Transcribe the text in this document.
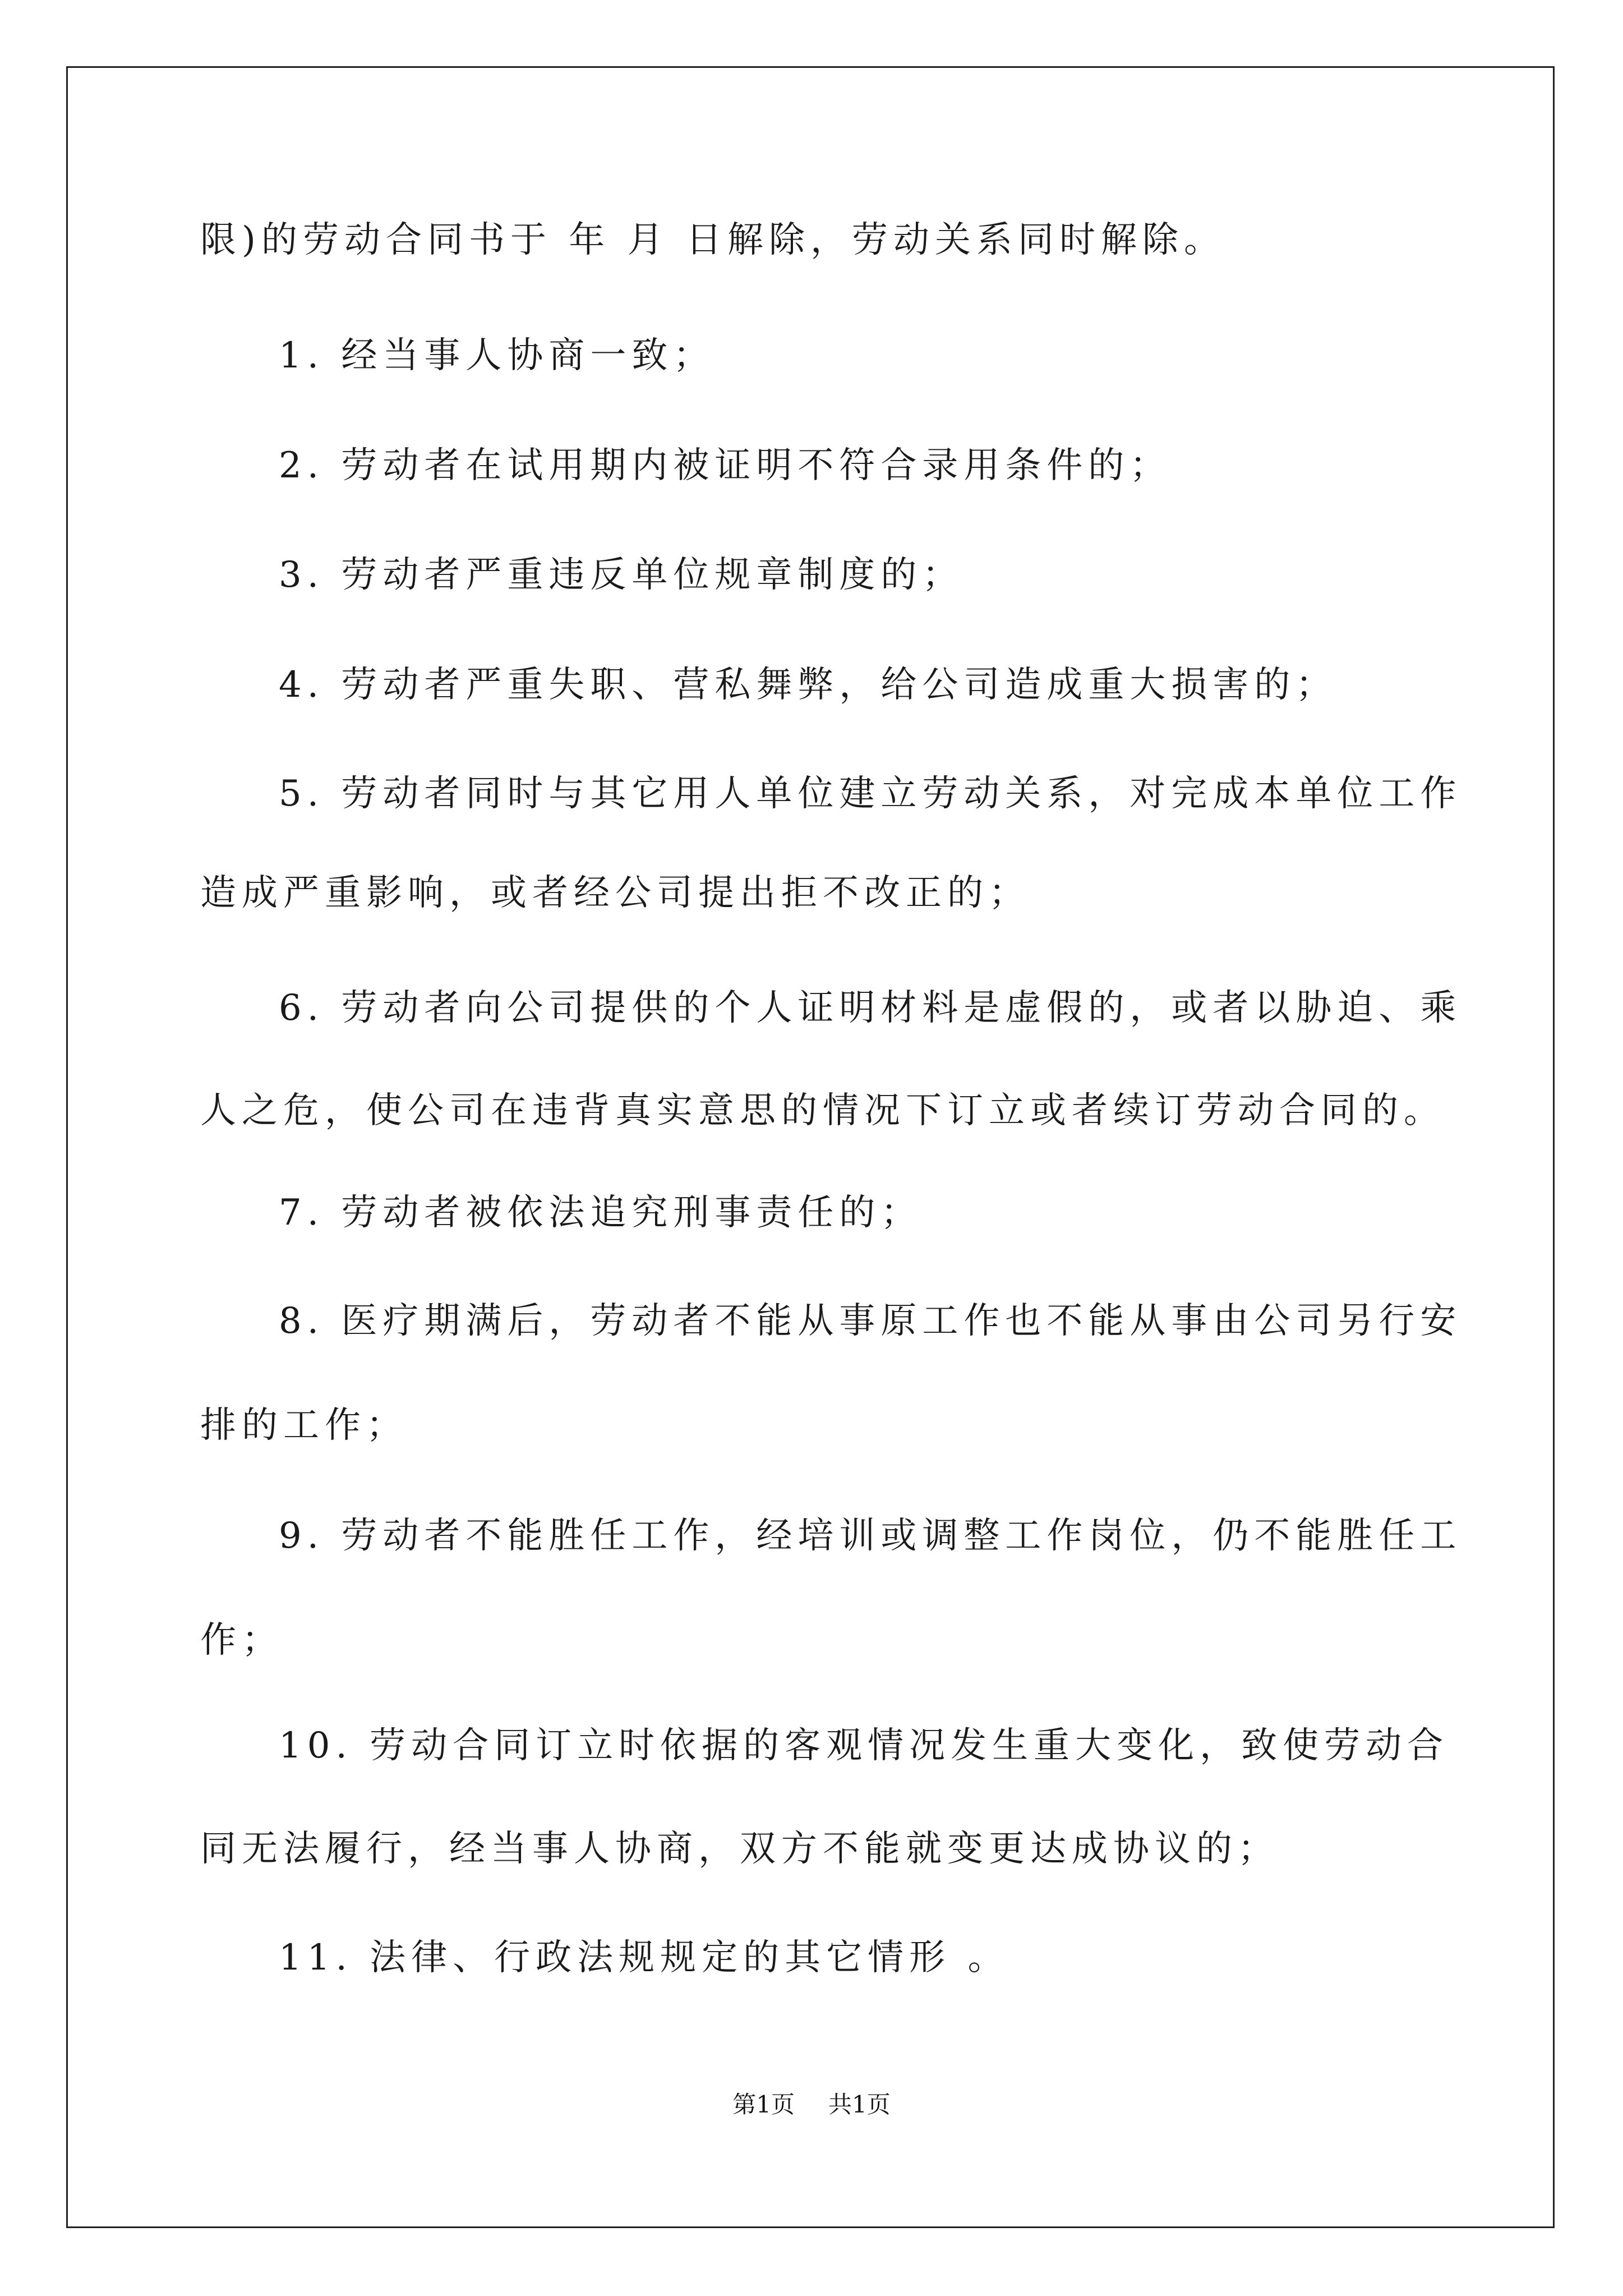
限)的劳动合同书于 年 月 日解除，劳动关系同时解除。
1. 经当事人协商一致；
2. 劳动者在试用期内被证明不符合录用条件的；
3. 劳动者严重违反单位规章制度的；
4. 劳动者严重失职、营私舞弊，给公司造成重大损害的；
5. 劳动者同时与其它用人单位建立劳动关系，对完成本单位工作
造成严重影响，或者经公司提出拒不改正的；
6. 劳动者向公司提供的个人证明材料是虚假的，或者以胁迫、乘
人之危，使公司在违背真实意思的情况下订立或者续订劳动合同的。
7. 劳动者被依法追究刑事责任的；
8. 医疗期满后，劳动者不能从事原工作也不能从事由公司另行安
排的工作；
9. 劳动者不能胜任工作，经培训或调整工作岗位，仍不能胜任工
作；
10. 劳动合同订立时依据的客观情况发生重大变化，致使劳动合
同无法履行，经当事人协商，双方不能就变更达成协议的；
11. 法律、行政法规规定的其它情形 。
第1页 共1页
